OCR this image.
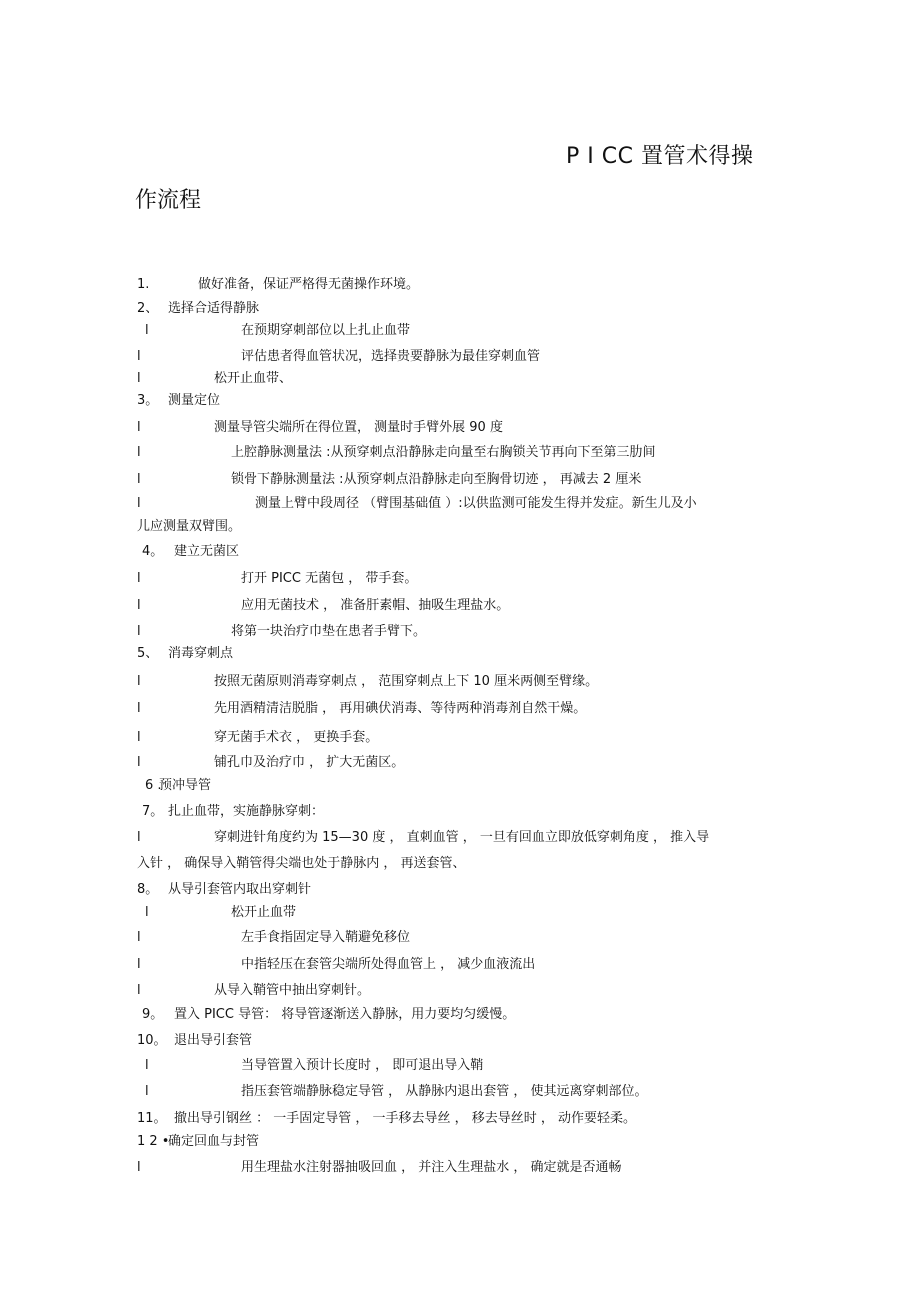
P I CC 置管术得操
作流程
1.	做好准备，保证严格得无菌操作环境。
2、 选择合适得静脉
l	在预期穿刺部位以上扎止血带
l	评估患者得血管状况，选择贵要静脉为最佳穿刺血管
l	松开止血带、
3。 测量定位
l	测量导管尖端所在得位置， 测量时手臂外展 90 度
l	上腔静脉测量法 :从预穿刺点沿静脉走向量至右胸锁关节再向下至第三肋间
l	锁骨下静脉测量法 :从预穿刺点沿静脉走向至胸骨切迹 ， 再减去 2 厘米
l	测量上臂中段周径 （臂围基础值 ）:以供监测可能发生得并发症。新生儿及小
儿应测量双臂围。
4。 建立无菌区
l	打开 PICC 无菌包 ， 带手套。
l	应用无菌技术 ， 准备肝素帽、抽吸生理盐水。
l	将第一块治疗巾垫在患者手臂下。
5、 消毒穿刺点
l	按照无菌原则消毒穿刺点 ， 范围穿刺点上下 10 厘米两侧至臂缘。
l	先用酒精清洁脱脂 ， 再用碘伏消毒、等待两种消毒剂自然干燥。
l	穿无菌手术衣 ， 更换手套。
l	铺孔巾及治疗巾 ， 扩大无菌区。
6 .
预冲导管
7。 扎止血带，实施静脉穿刺：
l	穿刺进针角度约为 15—30 度 ， 直刺血管 ， 一旦有回血立即放低穿刺角度 ， 推入导
入针 ， 确保导入鞘管得尖端也处于静脉内 ， 再送套管、
8。 从导引套管内取出穿刺针
l	松开止血带
l	左手食指固定导入鞘避免移位
l	中指轻压在套管尖端所处得血管上 ， 减少血液流出
l	从导入鞘管中抽出穿刺针。
9。 置入 PICC 导管： 将导管逐渐送入静脉，用力要均匀缓慢。
10。 退出导引套管
l	当导管置入预计长度时 ， 即可退出导入鞘
l	指压套管端静脉稳定导管 ， 从静脉内退出套管 ， 使其远离穿刺部位。
11。 撤出导引钢丝 ： 一手固定导管 ， 一手移去导丝 ， 移去导丝时 ， 动作要轻柔。
1 2 •
确定回血与封管
l	用生理盐水注射器抽吸回血 ， 并注入生理盐水 ， 确定就是否通畅
